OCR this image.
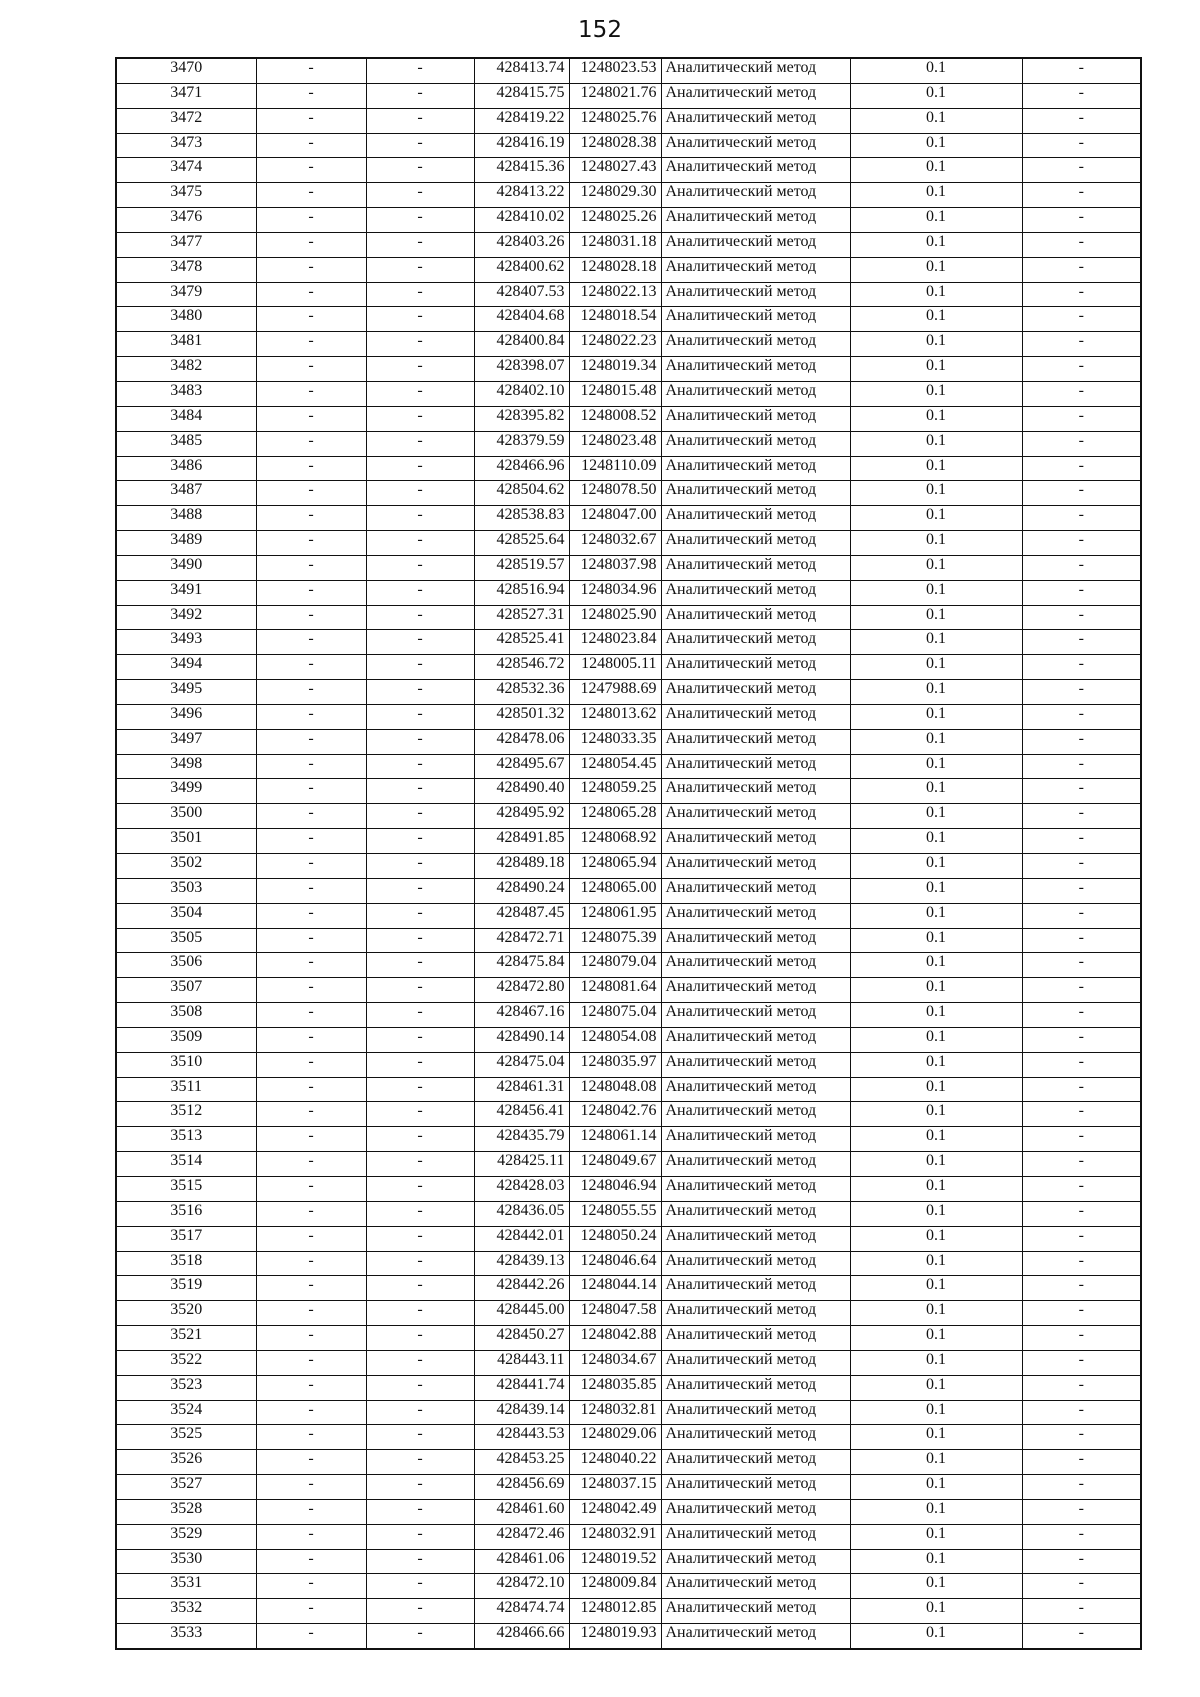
152
3470	-	-	428413.74	1248023.53	Аналитический метод	0.1	-
3471	-	-	428415.75	1248021.76	Аналитический метод	0.1	-
3472	-	-	428419.22	1248025.76	Аналитический метод	0.1	-
3473	-	-	428416.19	1248028.38	Аналитический метод	0.1	-
3474	-	-	428415.36	1248027.43	Аналитический метод	0.1	-
3475	-	-	428413.22	1248029.30	Аналитический метод	0.1	-
3476	-	-	428410.02	1248025.26	Аналитический метод	0.1	-
3477	-	-	428403.26	1248031.18	Аналитический метод	0.1	-
3478	-	-	428400.62	1248028.18	Аналитический метод	0.1	-
3479	-	-	428407.53	1248022.13	Аналитический метод	0.1	-
3480	-	-	428404.68	1248018.54	Аналитический метод	0.1	-
3481	-	-	428400.84	1248022.23	Аналитический метод	0.1	-
3482	-	-	428398.07	1248019.34	Аналитический метод	0.1	-
3483	-	-	428402.10	1248015.48	Аналитический метод	0.1	-
3484	-	-	428395.82	1248008.52	Аналитический метод	0.1	-
3485	-	-	428379.59	1248023.48	Аналитический метод	0.1	-
3486	-	-	428466.96	1248110.09	Аналитический метод	0.1	-
3487	-	-	428504.62	1248078.50	Аналитический метод	0.1	-
3488	-	-	428538.83	1248047.00	Аналитический метод	0.1	-
3489	-	-	428525.64	1248032.67	Аналитический метод	0.1	-
3490	-	-	428519.57	1248037.98	Аналитический метод	0.1	-
3491	-	-	428516.94	1248034.96	Аналитический метод	0.1	-
3492	-	-	428527.31	1248025.90	Аналитический метод	0.1	-
3493	-	-	428525.41	1248023.84	Аналитический метод	0.1	-
3494	-	-	428546.72	1248005.11	Аналитический метод	0.1	-
3495	-	-	428532.36	1247988.69	Аналитический метод	0.1	-
3496	-	-	428501.32	1248013.62	Аналитический метод	0.1	-
3497	-	-	428478.06	1248033.35	Аналитический метод	0.1	-
3498	-	-	428495.67	1248054.45	Аналитический метод	0.1	-
3499	-	-	428490.40	1248059.25	Аналитический метод	0.1	-
3500	-	-	428495.92	1248065.28	Аналитический метод	0.1	-
3501	-	-	428491.85	1248068.92	Аналитический метод	0.1	-
3502	-	-	428489.18	1248065.94	Аналитический метод	0.1	-
3503	-	-	428490.24	1248065.00	Аналитический метод	0.1	-
3504	-	-	428487.45	1248061.95	Аналитический метод	0.1	-
3505	-	-	428472.71	1248075.39	Аналитический метод	0.1	-
3506	-	-	428475.84	1248079.04	Аналитический метод	0.1	-
3507	-	-	428472.80	1248081.64	Аналитический метод	0.1	-
3508	-	-	428467.16	1248075.04	Аналитический метод	0.1	-
3509	-	-	428490.14	1248054.08	Аналитический метод	0.1	-
3510	-	-	428475.04	1248035.97	Аналитический метод	0.1	-
3511	-	-	428461.31	1248048.08	Аналитический метод	0.1	-
3512	-	-	428456.41	1248042.76	Аналитический метод	0.1	-
3513	-	-	428435.79	1248061.14	Аналитический метод	0.1	-
3514	-	-	428425.11	1248049.67	Аналитический метод	0.1	-
3515	-	-	428428.03	1248046.94	Аналитический метод	0.1	-
3516	-	-	428436.05	1248055.55	Аналитический метод	0.1	-
3517	-	-	428442.01	1248050.24	Аналитический метод	0.1	-
3518	-	-	428439.13	1248046.64	Аналитический метод	0.1	-
3519	-	-	428442.26	1248044.14	Аналитический метод	0.1	-
3520	-	-	428445.00	1248047.58	Аналитический метод	0.1	-
3521	-	-	428450.27	1248042.88	Аналитический метод	0.1	-
3522	-	-	428443.11	1248034.67	Аналитический метод	0.1	-
3523	-	-	428441.74	1248035.85	Аналитический метод	0.1	-
3524	-	-	428439.14	1248032.81	Аналитический метод	0.1	-
3525	-	-	428443.53	1248029.06	Аналитический метод	0.1	-
3526	-	-	428453.25	1248040.22	Аналитический метод	0.1	-
3527	-	-	428456.69	1248037.15	Аналитический метод	0.1	-
3528	-	-	428461.60	1248042.49	Аналитический метод	0.1	-
3529	-	-	428472.46	1248032.91	Аналитический метод	0.1	-
3530	-	-	428461.06	1248019.52	Аналитический метод	0.1	-
3531	-	-	428472.10	1248009.84	Аналитический метод	0.1	-
3532	-	-	428474.74	1248012.85	Аналитический метод	0.1	-
3533	-	-	428466.66	1248019.93	Аналитический метод	0.1	-
